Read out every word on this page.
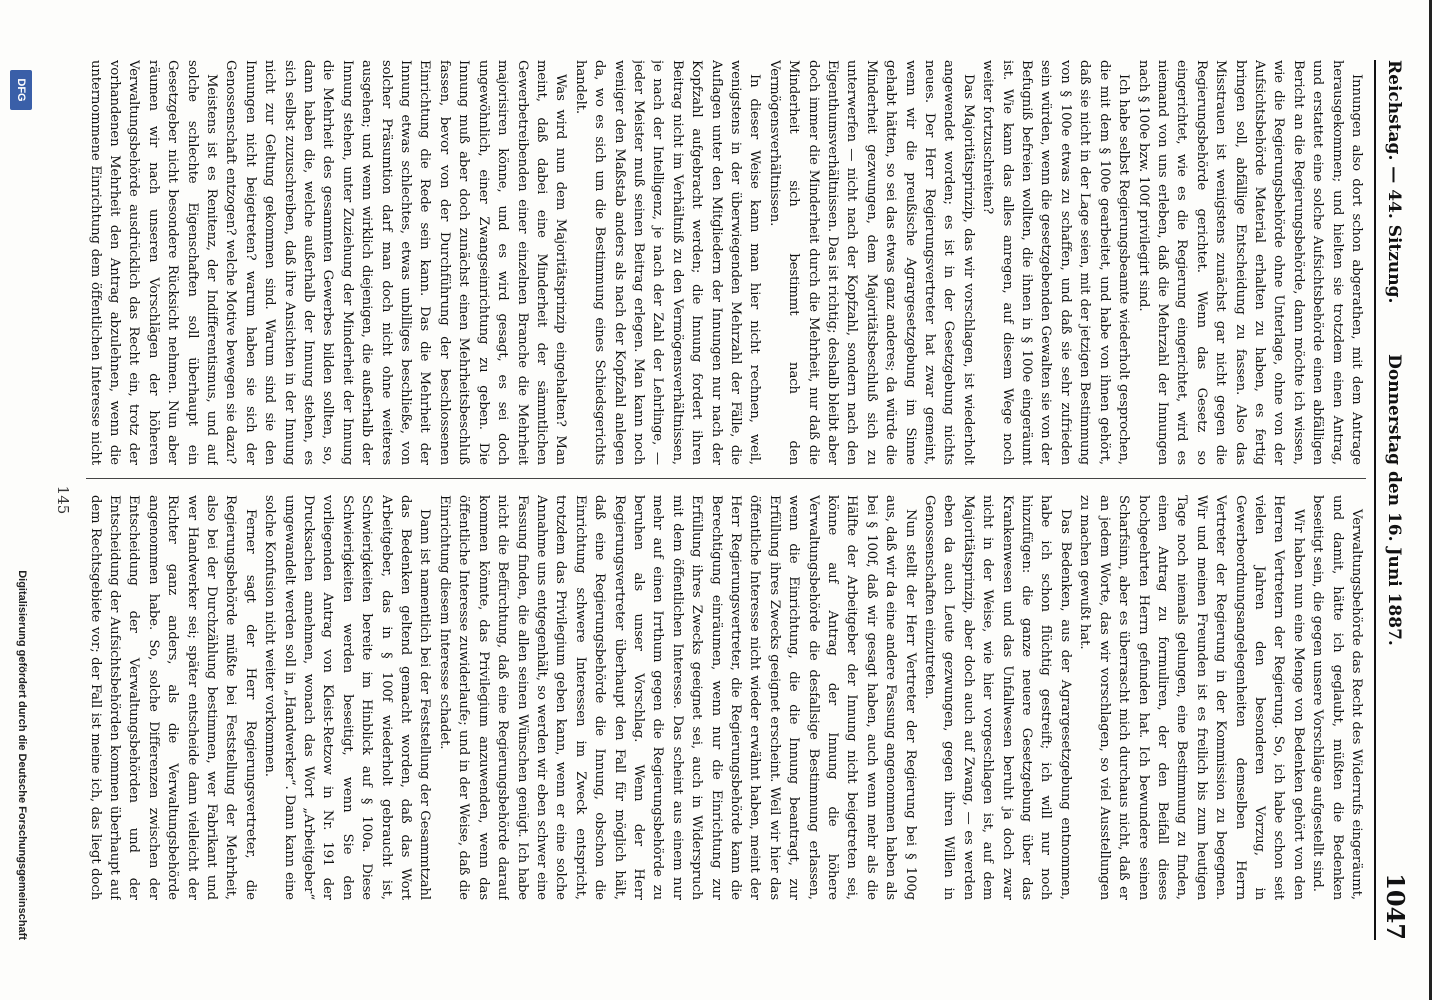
Reichstag. — 44. Sitzung.
Donnerstag den 16. Juni 1887.
1047

Innungen also dort schon abgerathen, mit dem Antrage herausgekommen; und hielten sie trotzdem einen Antrag, und erstattet eine solche Aufsichtsbehörde einen abfälligen Bericht an die Regierungsbehörde, dann möchte ich wissen, wie die Regierungsbehörde ohne Unterlage, ohne von der Aufsichtsbehörde Material erhalten zu haben, es fertig bringen soll, abfällige Entscheidung zu fassen. Also das Misstrauen ist wenigstens zunächst gar nicht gegen die Regierungsbehörde gerichtet. Wenn das Gesetz so eingerichtet, wie es die Regierung eingerichtet, wird es niemand von uns erleben, daß die Mehrzahl der Innungen nach § 100e bzw. 100f privilegirt sind.

Ich habe selbst Regierungsbeamte wiederholt gesprochen, die mit dem § 100e gearbeitet, und habe von ihnen gehört, daß sie nicht in der Lage seien, mit der jetzigen Bestimmung von § 100e etwas zu schaffen, und daß sie sehr zufrieden sein würden, wenn die gesetzgebenden Gewalten sie von der Befugniß befreien wollten, die ihnen in § 100e eingeräumt ist. Wie kann das alles anregen, auf diesem Wege noch weiter fortzuschreiten?

Das Majoritätsprinzip, das wir vorschlagen, ist wiederholt angewendet worden; es ist in der Gesetzgebung nichts neues. Der Herr Regierungsvertreter hat zwar gemeint, wenn wir die preußische Agrargesetzgebung im Sinne gehabt hätten, so sei das etwas ganz anderes; da würde die Minderheit gezwungen, dem Majoritätsbeschluß sich zu unterwerfen — nicht nach der Kopfzahl, sondern nach den Eigenthumsverhältnissen. Das ist richtig; deshalb bleibt aber doch immer die Minderheit durch die Mehrheit, nur daß die Minderheit sich bestimmt nach den Vermögensverhältnissen.

In dieser Weise kann man hier nicht rechnen, weil, wenigstens in der überwiegenden Mehrzahl der Fälle, die Auflagen unter den Mitgliedern der Innungen nur nach der Kopfzahl aufgebracht werden; die Innung fordert ihren Beitrag nicht im Verhältniß zu den Vermögensverhältnissen, je nach der Intelligenz, je nach der Zahl der Lehrlinge, — jeder Meister muß seinen Beitrag erlegen. Man kann noch weniger den Maßstab anders als nach der Kopfzahl anlegen da, wo es sich um die Bestimmung eines Schiedsgerichts handelt.

Was wird nun dem Majoritätsprinzip eingehalten? Man meint, daß dabei eine Minderheit der sämmtlichen Gewerbetreibenden einer einzelnen Branche die Mehrheit majorisiren könne, und es wird gesagt, es sei doch ungewöhnlich, einer Zwangseinrichtung zu geben. Die Innung muß aber doch zunächst einen Mehrheitsbeschluß fassen, bevor von der Durchführung der beschlossenen Einrichtung die Rede sein kann. Das die Mehrheit der Innung etwas schlechtes, etwas unbilliges beschließe, von solcher Präsumtion darf man doch nicht ohne weiteres ausgehen; und wenn wirklich diejenigen, die außerhalb der Innung stehen, unter Zuziehung der Minderheit der Innung die Mehrheit des gesammten Gewerbes bilden sollten, so, dann haben die, welche außerhalb der Innung stehen, es sich selbst zuzuschreiben, daß ihre Ansichten in der Innung nicht zur Geltung gekommen sind. Warum sind sie den Innungen nicht beigetreten? warum haben sie sich der Genossenschaft entzogen? welche Motive bewegen sie dazu?

Meistens ist es Renitenz, der Indifferentismus, und auf solche schlechte Eigenschaften soll überhaupt ein Gesetzgeber nicht besondere Rücksicht nehmen. Nun aber räumen wir nach unseren Vorschlägen der höheren Verwaltungsbehörde ausdrücklich das Recht ein, trotz der vorhandenen Mehrheit den Antrag abzulehnen, wenn die unternommene Einrichtung dem öffentlichen Interesse nicht

Verwaltungsbehörde das Recht des Widerrufs eingeräumt, und damit, hätte ich geglaubt, müßten die Bedenken beseitigt sein, die gegen unsere Vorschläge aufgestellt sind.

Wir haben nun eine Menge von Bedenken gehört von den Herren Vertretern der Regierung. So, ich habe schon seit vielen Jahren den besonderen Vorzug, in Gewerbeordnungsangelegenheiten demselben Herrn Vertreter der Regierung in der Kommission zu begegnen. Wir und meinen Freunden ist es freilich bis zum heutigen Tage noch niemals gelungen, eine Bestimmung zu finden, einen Antrag zu formuliren, der den Beifall dieses hochgeehrten Herrn gefunden hat. Ich bewundere seinen Scharfsinn, aber es überrascht mich durchaus nicht, daß er an jedem Worte, das wir vorschlagen, so viel Ausstellungen zu machen gewußt hat.

Das Bedenken, aus der Agrargesetzgebung entnommen, habe ich schon flüchtig gestreift; ich will nur noch hinzufügen: die ganze neuere Gesetzgebung über das Krankenwesen und das Unfallwesen beruht ja doch zwar nicht in der Weise, wie hier vorgeschlagen ist, auf dem Majoritätsprinzip, aber doch auch auf Zwang, — es werden eben da auch Leute gezwungen, gegen ihren Willen in Genossenschaften einzutreten.

Nun stellt der Herr Vertreter der Regierung bei § 100g aus, daß wir da eine andere Fassung angenommen haben als bei § 100f, daß wir gesagt haben, auch wenn mehr als die Hälfte der Arbeitgeber der Innung nicht beigetreten sei, könne auf Antrag der Innung die höhere Verwaltungsbehörde die desfallsige Bestimmung erlassen, wenn die Einrichtung, die die Innung beantragt, zur Erfüllung ihres Zwecks geeignet erscheint. Weil wir hier das öffentliche Interesse nicht wieder erwähnt haben, meint der Herr Regierungsvertreter, die Regierungsbehörde kann die Berechtigung einräumen, wenn nur die Einrichtung zur Erfüllung ihres Zwecks geeignet sei, auch in Widerspruch mit dem öffentlichen Interesse. Das scheint aus einem nur mehr auf einen Irrthum gegen die Regierungsbehörde zu beruhen als unser Vorschlag. Wenn der Herr Regierungsvertreter überhaupt den Fall für möglich hält, daß eine Regierungsbehörde die Innung, obschon die Einrichtung schwere Interessen im Zweck entspricht, trotzdem das Privilegium geben kann, wenn er eine solche Annahme uns entgegenhält, so werden wir eben schwer eine Fassung finden, die allen seinen Wünschen genügt. Ich habe nicht die Befürchtung, daß eine Regierungsbehörde darauf kommen könnte, das Privilegium anzuwenden, wenn das öffentliche Interesse zuwiderlaufe; und in der Weise, daß die Einrichtung diesem Interesse schadet.

Dann ist namentlich bei der Feststellung der Gesammtzahl das Bedenken geltend gemacht worden, daß das Wort Arbeitgeber, das in § 100f wiederholt gebraucht ist, Schwierigkeiten bereite im Hinblick auf § 100a. Diese Schwierigkeiten werden beseitigt, wenn Sie den vorliegenden Antrag von Kleist-Retzow in Nr. 191 der Drucksachen annehmen, wonach das Wort „Arbeitgeber“ umgewandelt werden soll in „Handwerker“. Dann kann eine solche Konfusion nicht weiter vorkommen.

Ferner sagt der Herr Regierungsvertreter, die Regierungsbehörde müßte bei Feststellung der Mehrheit, also bei der Durchzählung bestimmen, wer Fabrikant und wer Handwerker sei; später entscheide dann vielleicht der Richter ganz anders, als die Verwaltungsbehörde angenommen habe. So, solche Differenzen zwischen der Entscheidung der Verwaltungsbehörden und der Entscheidung der Aufsichtsbehörden kommen überhaupt auf dem Rechtsgebiete vor; der Fall ist meine ich, das liegt doch

145
DFG
Digitalisierung gefördert durch die Deutsche Forschungsgemeinschaft
